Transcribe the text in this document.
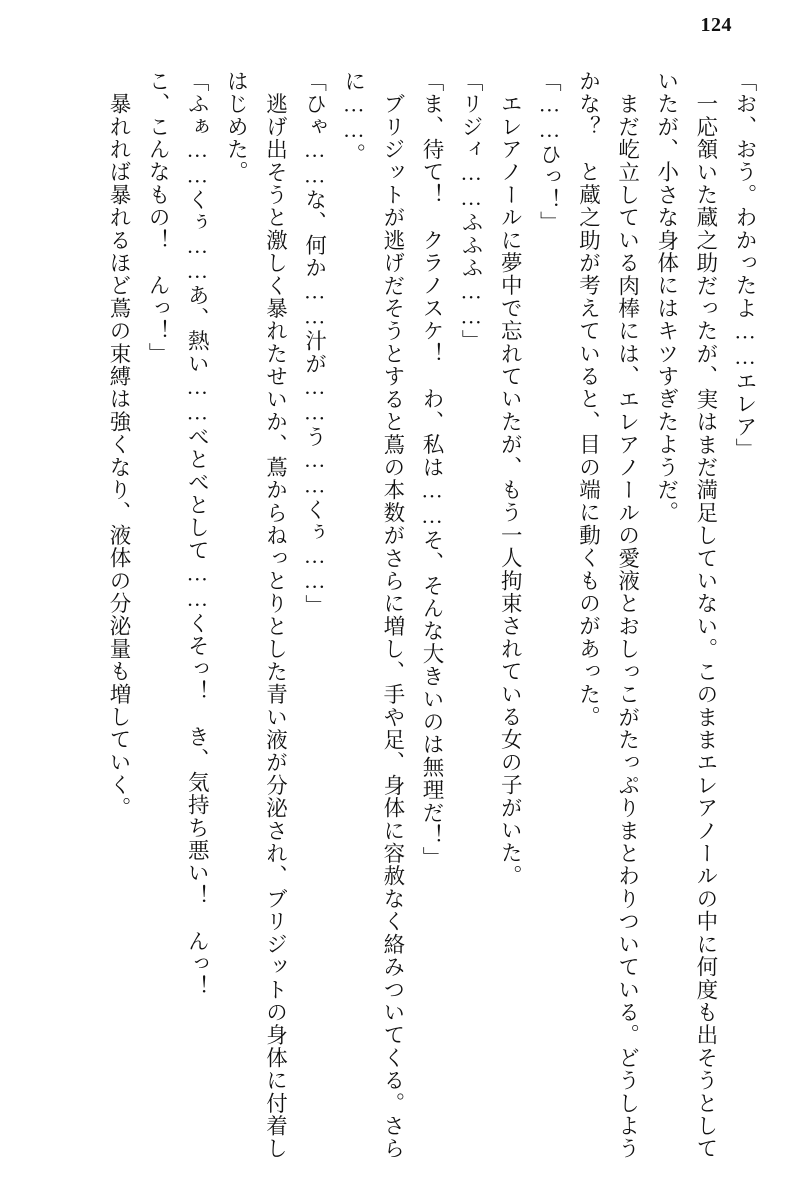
124

「お、おう。わかったよ……エレア」

　一応頷いた蔵之助だったが、実はまだ満足していない。このままエレアノールの中に何度も出そうとしていたが、小さな身体にはキツすぎたようだ。

　まだ屹立している肉棒には、エレアノールの愛液とおしっこがたっぷりまとわりついている。どうしようかな？　と蔵之助が考えていると、目の端に動くものがあった。

「……ひっ！」

　エレアノールに夢中で忘れていたが、もう一人拘束されている女の子がいた。

「リジィ……ふふふ……」

「ま、待て！　クラノスケ！　わ、私は……そ、そんな大きいのは無理だ！」

　ブリジットが逃げだそうとすると蔦の本数がさらに増し、手や足、身体に容赦なく絡みついてくる。さらに……。

「ひゃ……な、何か……汁が……う……くぅ……」

　逃げ出そうと激しく暴れたせいか、蔦からねっとりとした青い液が分泌され、ブリジットの身体に付着しはじめた。

「ふぁ……くぅ……あ、熱い……べとべとして……くそっ！　き、気持ち悪い！　んっ！

こ、こんなもの！　んっ！」

　暴れれば暴れるほど蔦の束縛は強くなり、液体の分泌量も増していく。
